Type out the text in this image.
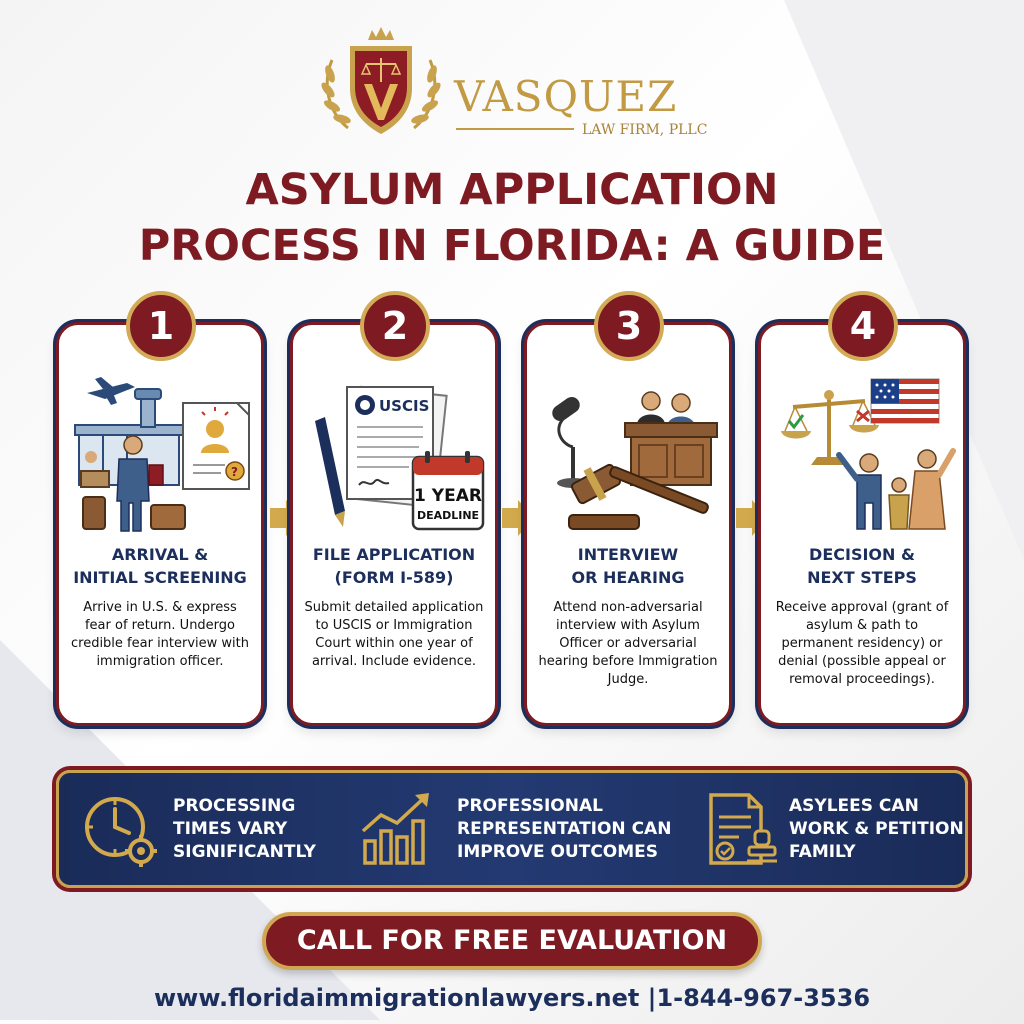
VASQUEZ
LAW FIRM, PLLC
ASYLUM APPLICATION
PROCESS IN FLORIDA: A GUIDE
1
?
ARRIVAL &
INITIAL SCREENING
Arrive in U.S. & express fear of return. Undergo credible fear interview with immigration officer.
2
USCIS
1 YEAR
DEADLINE
FILE APPLICATION
(FORM I-589)
Submit detailed application to USCIS or Immigration Court within one year of arrival. Include evidence.
3
INTERVIEW
OR HEARING
Attend non-adversarial interview with Asylum Officer or adversarial hearing before Immigration Judge.
4
DECISION &
NEXT STEPS
Receive approval (grant of asylum & path to permanent residency) or denial (possible appeal or removal proceedings).
PROCESSING
TIMES VARY
SIGNIFICANTLY
PROFESSIONAL
REPRESENTATION CAN
IMPROVE OUTCOMES
ASYLEES CAN
WORK & PETITION
FAMILY
CALL FOR FREE EVALUATION
www.floridaimmigrationlawyers.net |1-844-967-3536
